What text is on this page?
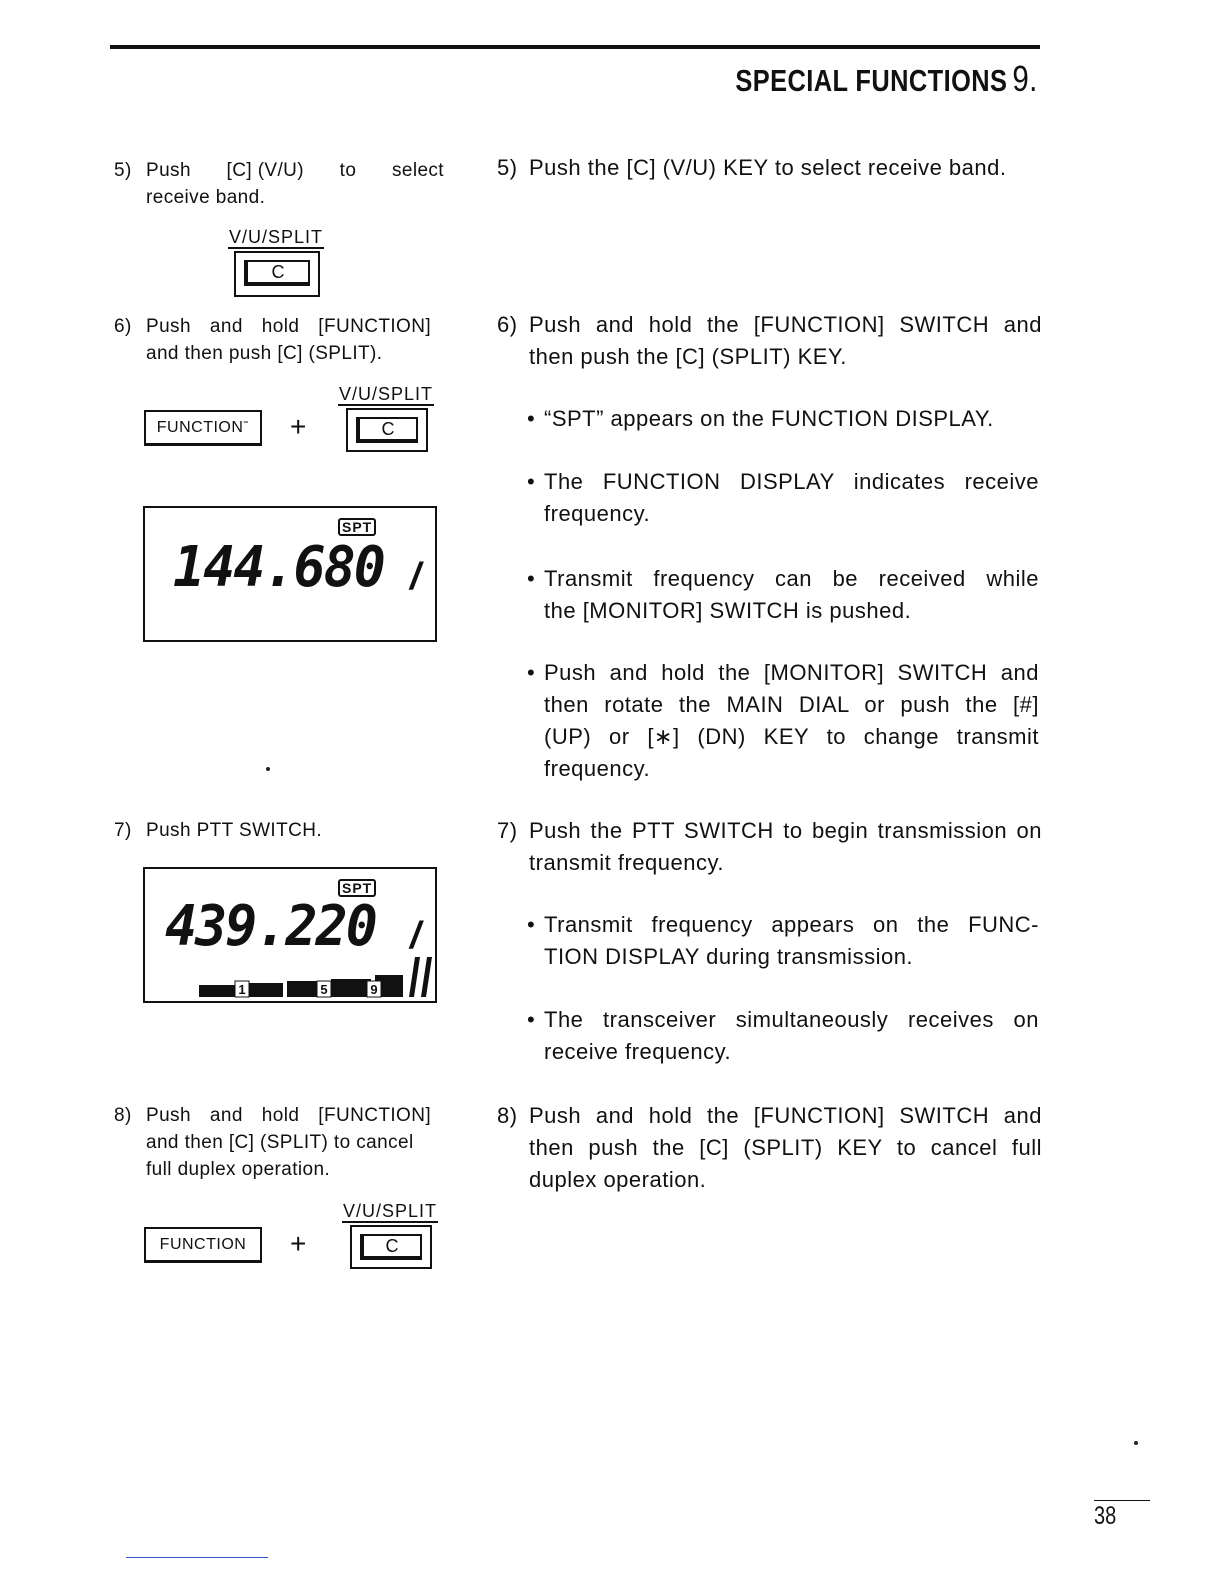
SPECIAL FUNCTIONS 9.
5) Push [C] (V/U) to select
receive band.
V/U/SPLIT
C
6) Push and hold [FUNCTION]
and then push [C] (SPLIT).
FUNCTIONˉ	+
V/U/SPLIT
C
SPT
144.680 /
7) Push PTT SWITCH.
SPT
439.220 /
1	5	9
8) Push and hold [FUNCTION]
and then [C] (SPLIT) to cancel
full duplex operation.
FUNCTION	+
V/U/SPLIT
C
5) Push the [C] (V/U) KEY to select receive band.
6) Push and hold the [FUNCTION] SWITCH and
then push the [C] (SPLIT) KEY.
• “SPT” appears on the FUNCTION DISPLAY.
• The FUNCTION DISPLAY indicates receive
frequency.
• Transmit frequency can be received while
the [MONITOR] SWITCH is pushed.
• Push and hold the [MONITOR] SWITCH and
then rotate the MAIN DIAL or push the [#]
(UP) or [∗] (DN) KEY to change transmit
frequency.
7) Push the PTT SWITCH to begin transmission on
transmit frequency.
• Transmit frequency appears on the FUNC-
TION DISPLAY during transmission.
• The transceiver simultaneously receives on
receive frequency.
8) Push and hold the [FUNCTION] SWITCH and
then push the [C] (SPLIT) KEY to cancel full
duplex operation.
38
